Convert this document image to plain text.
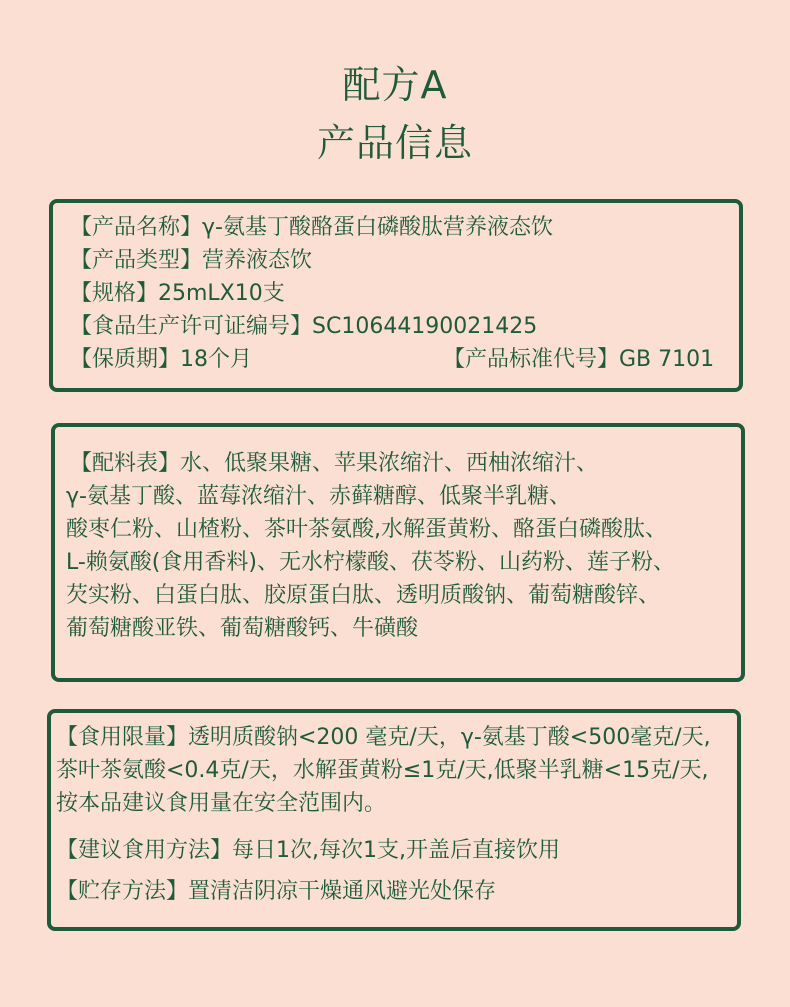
配方A
产品信息
【产品名称】γ-氨基丁酸酪蛋白磷酸肽营养液态饮
【产品类型】营养液态饮
【规格】25mLX10支
【食品生产许可证编号】SC10644190021425
【保质期】18个月	【产品标准代号】GB 7101
【配料表】水、低聚果糖、苹果浓缩汁、西柚浓缩汁、
γ-氨基丁酸、蓝莓浓缩汁、赤藓糖醇、低聚半乳糖、
酸枣仁粉、山楂粉、茶叶茶氨酸,水解蛋黄粉、酪蛋白磷酸肽、
L-赖氨酸(食用香料)、无水柠檬酸、茯苓粉、山药粉、莲子粉、
芡实粉、白蛋白肽、胶原蛋白肽、透明质酸钠、葡萄糖酸锌、
葡萄糖酸亚铁、葡萄糖酸钙、牛磺酸
【食用限量】透明质酸钠<200 毫克/天，γ-氨基丁酸<500毫克/天,
茶叶茶氨酸<0.4克/天，水解蛋黄粉≤1克/天,低聚半乳糖<15克/天,
按本品建议食用量在安全范围内。
【建议食用方法】每日1次,每次1支,开盖后直接饮用
【贮存方法】置清洁阴凉干燥通风避光处保存
